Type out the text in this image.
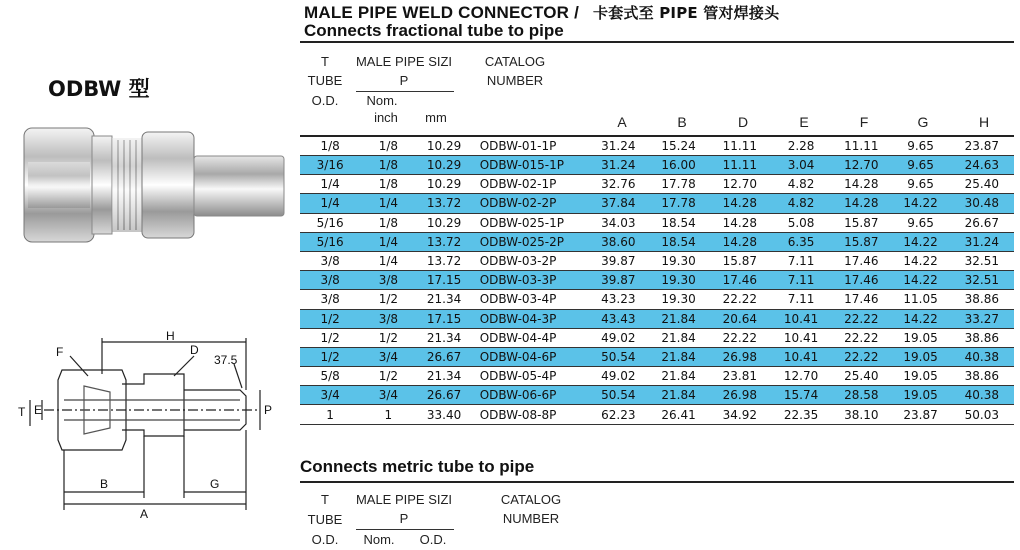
MALE PIPE WELD CONNECTOR / 卡套式至 PIPE 管对焊接头
Connects fractional tube to pipe
ODBW 型
H
F	D
37.5
T E	P
B
A
G
T
TUBE
O.D.
MALE PIPE SIZI
P
Nom.
inch	mm
CATALOG
NUMBER
A	B	D	E	F	G	H
1/8	1/8	10.29	ODBW-01-1P	31.24	15.24	11.11	2.28	11.11	9.65	23.87
3/16	1/8	10.29	ODBW-015-1P	31.24	16.00	11.11	3.04	12.70	9.65	24.63
1/4	1/8	10.29	ODBW-02-1P	32.76	17.78	12.70	4.82	14.28	9.65	25.40
1/4	1/4	13.72	ODBW-02-2P	37.84	17.78	14.28	4.82	14.28	14.22	30.48
5/16	1/8	10.29	ODBW-025-1P	34.03	18.54	14.28	5.08	15.87	9.65	26.67
5/16	1/4	13.72	ODBW-025-2P	38.60	18.54	14.28	6.35	15.87	14.22	31.24
3/8	1/4	13.72	ODBW-03-2P	39.87	19.30	15.87	7.11	17.46	14.22	32.51
3/8	3/8	17.15	ODBW-03-3P	39.87	19.30	17.46	7.11	17.46	14.22	32.51
3/8	1/2	21.34	ODBW-03-4P	43.23	19.30	22.22	7.11	17.46	11.05	38.86
1/2	3/8	17.15	ODBW-04-3P	43.43	21.84	20.64	10.41	22.22	14.22	33.27
1/2	1/2	21.34	ODBW-04-4P	49.02	21.84	22.22	10.41	22.22	19.05	38.86
1/2	3/4	26.67	ODBW-04-6P	50.54	21.84	26.98	10.41	22.22	19.05	40.38
5/8	1/2	21.34	ODBW-05-4P	49.02	21.84	23.81	12.70	25.40	19.05	38.86
3/4	3/4	26.67	ODBW-06-6P	50.54	21.84	26.98	15.74	28.58	19.05	40.38
1	1	33.40	ODBW-08-8P	62.23	26.41	34.92	22.35	38.10	23.87	50.03
Connects metric tube to pipe
T
TUBE
O.D.
MALE PIPE SIZI
P
Nom.	O.D.
CATALOG
NUMBER
